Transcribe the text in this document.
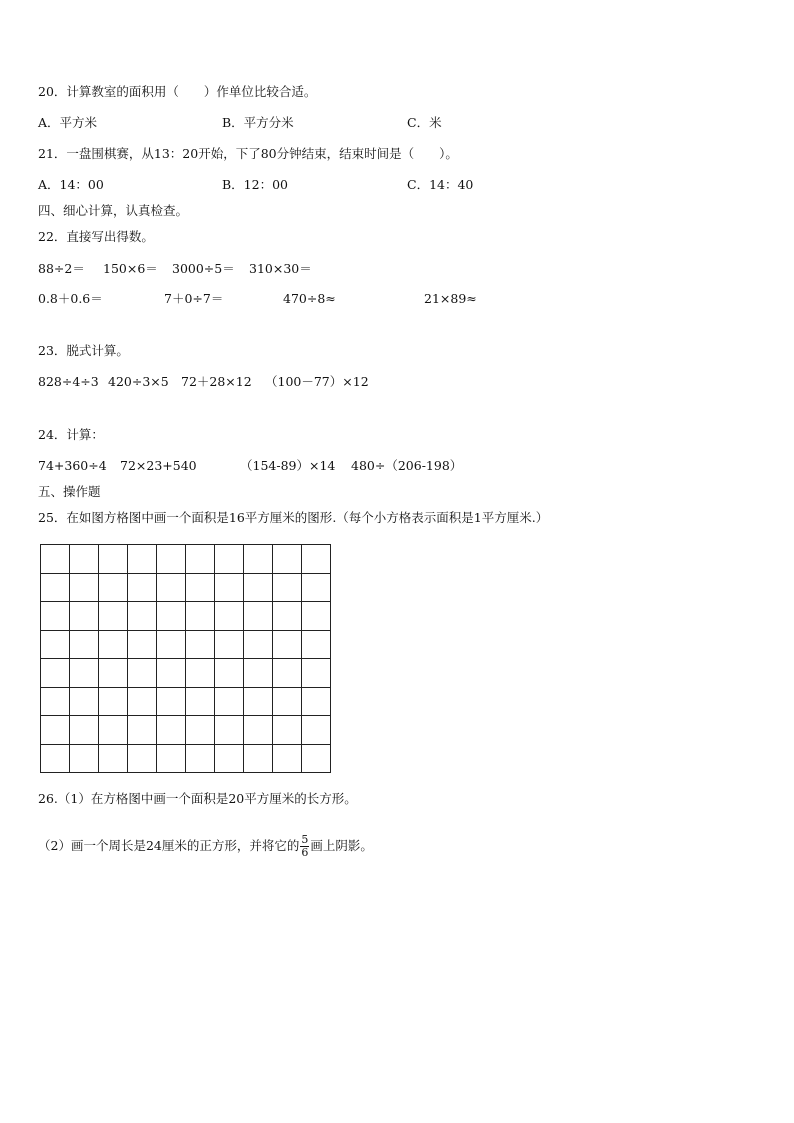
20．计算教室的面积用（　　）作单位比较合适。
A．平方米	B．平方分米	C．米
21．一盘围棋赛，从13：20开始，下了80分钟结束，结束时间是（　　）。
A．14：00	B．12：00	C．14：40
四、细心计算，认真检查。
22．直接写出得数。
88÷2＝ 150×6＝ 3000÷5＝ 310×30＝
0.8＋0.6＝	7＋0÷7＝	470÷8≈	21×89≈
23．脱式计算。
828÷4÷3 420÷3×5 72＋28×12 （100－77）×12
24．计算：
74+360÷4 72×23+540	（154-89）×14 480÷（206-198）
五、操作题
25．在如图方格图中画一个面积是16平方厘米的图形.（每个小方格表示面积是1平方厘米.）

26.（1）在方格图中画一个面积是20平方厘米的长方形。
（2）画一个周长是24厘米的正方形，并将它的 $\frac{5}{6}$ 画上阴影。
